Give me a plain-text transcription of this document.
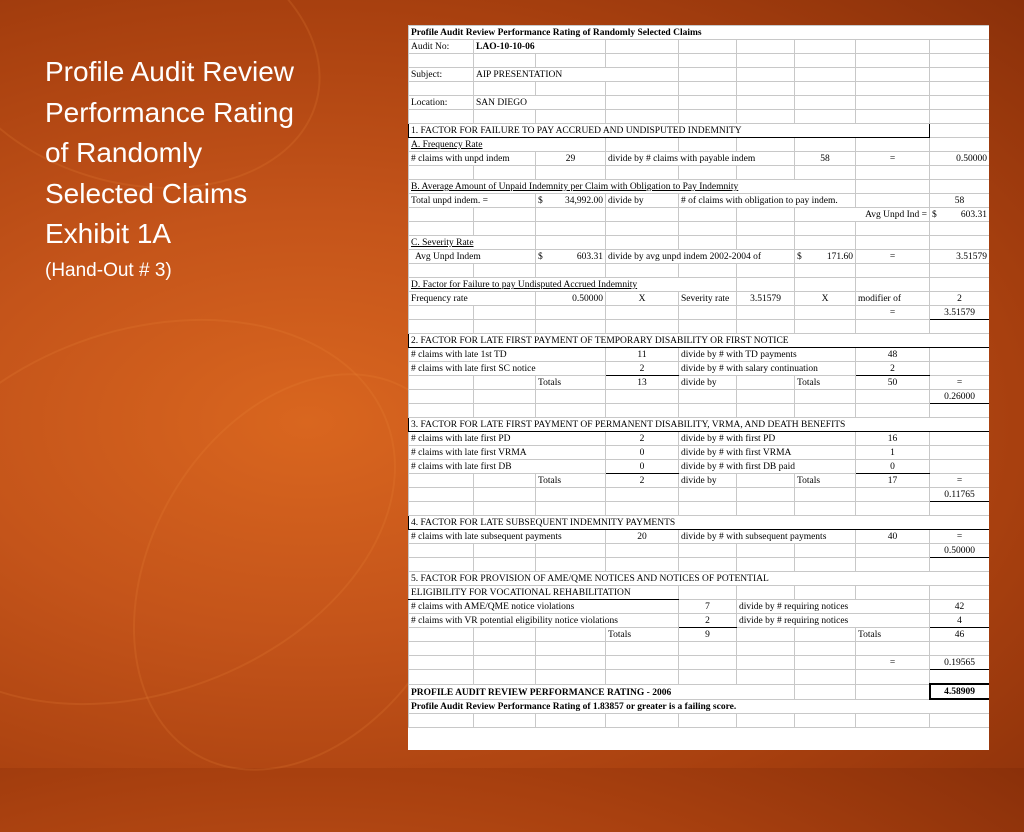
Profile Audit Review
Performance Rating
of Randomly
Selected Claims
Exhibit 1A
(Hand-Out # 3)
Profile Audit Review Performance Rating of Randomly Selected Claims								
Audit No:	LAO-10-10-06							

Subject:	AIP PRESENTATION							

Location:	SAN DIEGO							

1. FACTOR FOR FAILURE TO PAY ACCRUED AND UNDISPUTED INDEMNITY								
A. Frequency Rate								
# claims with unpd indem		29	divide by # claims with payable indem			58	=	0.50000

B. Average Amount of Unpaid Indemnity per Claim with Obligation to Pay Indemnity								
Total unpd indem. =		$ 34,992.00	divide by	# of claims with obligation to pay indem.				58
						Avg Unpd Ind =		$ 603.31

C. Severity Rate								
Avg Unpd Indem		$ 603.31	divide by avg unpd indem 2002-2004 of			$ 171.60	=	3.51579

D. Factor for Failure to pay Undisputed Accrued Indemnity								
Frequency rate		0.50000	X	Severity rate	3.51579	X	modifier of	2
							=	3.51579

2. FACTOR FOR LATE FIRST PAYMENT OF TEMPORARY DISABILITY OR FIRST NOTICE								
# claims with late 1st TD			11	divide by # with TD payments			48	
# claims with late first SC notice			2	divide by # with salary continuation			2	
		Totals	13	divide by		Totals	50	=
								0.26000

3. FACTOR FOR LATE FIRST PAYMENT OF PERMANENT DISABILITY, VRMA, AND DEATH BENEFITS								
# claims with late first PD			2	divide by # with first PD			16	
# claims with late first VRMA			0	divide by # with first VRMA			1	
# claims with late first DB			0	divide by # with first DB paid			0	
		Totals	2	divide by		Totals	17	=
								0.11765

4. FACTOR FOR LATE SUBSEQUENT INDEMNITY PAYMENTS								
# claims with late subsequent payments			20	divide by # with subsequent payments			40	=
								0.50000

5. FACTOR FOR PROVISION OF AME/QME NOTICES AND NOTICES OF POTENTIAL								
ELIGIBILITY FOR VOCATIONAL REHABILITATION								
# claims with AME/QME notice violations				7	divide by # requiring notices			42
# claims with VR potential eligibility notice violations				2	divide by # requiring notices			4
			Totals	9			Totals	46

							=	0.19565

PROFILE AUDIT REVIEW PERFORMANCE RATING - 2006								4.58909
Profile Audit Review Performance Rating of 1.83857 or greater is a failing score.								
